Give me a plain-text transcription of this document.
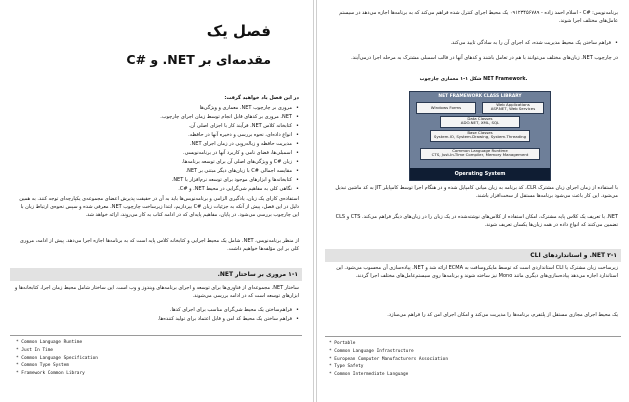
فصل یک
مقدمه‌ای بر NET. و #C
در این فصل یاد خواهید گرفت:
• مروری بر چارچوب NET. معماری و ویژگی‌ها
• NET. مروری بر کدهای قابل انجام توسط زمان اجرای چارچوب.
• کتابخانه کلاس NET. فرآیند کار با اجزای اصلی آن.
• انواع داده‌ای، نحوه بررسی و ذخیره آنها در حافظه.
• مدیریت حافظه و زباله‌روبی در زمان اجرای NET.
• اسمبلی‌ها، فضای نامی و کاربرد آنها در برنامه‌نویسی.
• زبان #C و ویژگی‌های اصلی آن برای توسعه برنامه‌ها.
• مقایسه اجمالی #C با زبان‌های دیگر مبتنی بر NET.
• کتابخانه‌ها و ابزارهای موجود برای توسعه نرم‌افزار با NET.
• نگاهی کلی به مفاهیم شی‌گرایی در محیط NET. و #C.
استفاده‌ی کارای یک زبان، یادگیری الزامی و برنامه‌نویس‌ها باید به آن در حقیقت پذیرش اعضای مجموعه‌ی یکپارچه‌ای توجه کنند. به همین دلیل در این فصل، پیش از آنکه به جزئیات زبان #C بپردازیم، ابتدا زیرساخت چارچوب NET. معرفی شده و سپس نحوه‌ی ارتباط زبان با این چارچوب بررسی می‌شود. در پایان، مفاهیم پایه‌ای که در ادامه کتاب به کار می‌روند، ارائه خواهد شد.
از منظر برنامه‌نویس، NET. شامل یک محیط اجرایی و کتابخانه کلاس پایه است که به برنامه‌ها اجازه اجرا می‌دهد. پیش از ادامه، مروری کلی بر این مؤلفه‌ها خواهیم داشت.
۱-۱ مروری بر ساختار NET.
ساختار NET. مجموعه‌ای از فناوری‌ها برای توسعه و اجرای برنامه‌های ویندوز و وب است. این ساختار شامل محیط زمان اجرا، کتابخانه‌ها و ابزارهای توسعه است که در ادامه بررسی می‌شوند.
• فراهم‌ساختن یک محیط شی‌گرای مناسب برای اجرای کدها.
• فراهم ساختن یک محیط کد امن و قابل اعتماد برای تولید کننده‌ها.
* Common Language Runtime
* Just In Time
* Common Language Specification
* Common Type System
* Framework Common Library
برنامه‌نویس: #C - اسلام احمد زاده - ۰۹۱۲۳۴۵۶۷۸۹ یک محیط اجرای کنترل شده فراهم می‌کند که به برنامه‌ها اجازه می‌دهد در سیستم عامل‌های مختلف اجرا شوند.
• فراهم ساختن یک محیط مدیریت شده، که اجرای آن را به سادگی تایید می‌کند.
در چارچوب NET. زبان‌های مختلف می‌توانند با هم در تعامل باشند و کدهای آنها در قالب اسمبلی مشترک به مرحله اجرا درمی‌آیند.
شکل ۱-۱ معماری چارچوب NET Framework.
NET FRAMEWORK CLASS LIBRARY
Windows Forms
Web Applications
ASP.NET, Web Services
Data Classes
ADO.NET, XML, SQL
Base Classes
System.IO, System.Drawing, System.Threading
Common Language Runtime
CTS, Just-In-Time Compiler, Memory Management
Operating System
با استفاده از زمان اجرای زبان مشترک CLR، کد برنامه به زبان میانی کامپایل شده و در هنگام اجرا توسط کامپایلر JIT به کد ماشین تبدیل می‌شود. این کار باعث می‌شود برنامه‌ها مستقل از سخت‌افزار باشند.
NET. با تعریف یک کلاس پایه مشترک، امکان استفاده از کلاس‌های نوشته‌شده در یک زبان را در زبان‌های دیگر فراهم می‌کند. CTS و CLS تضمین می‌کنند که انواع داده در همه زبان‌ها یکسان تعریف شوند.
۲-۱ NET. و استانداردهای CLI
زیرساخت زبان مشترک یا CLI استانداردی است که توسط مایکروسافت به ECMA ارائه شد و NET. پیاده‌سازی آن محسوب می‌شود. این استاندارد اجازه می‌دهد پیاده‌سازی‌های دیگری مانند Mono نیز ساخته شوند و برنامه‌ها روی سیستم‌عامل‌های مختلف اجرا گردند.
یک محیط اجرای مجازی مستقل از پلتفرم، برنامه‌ها را مدیریت می‌کند و امکان اجرای امن کد را فراهم می‌سازد.
* Portable
* Common Language Infrastructure
* European Computer Manufacturers Association
* Type Safety
* Common Intermediate Language
